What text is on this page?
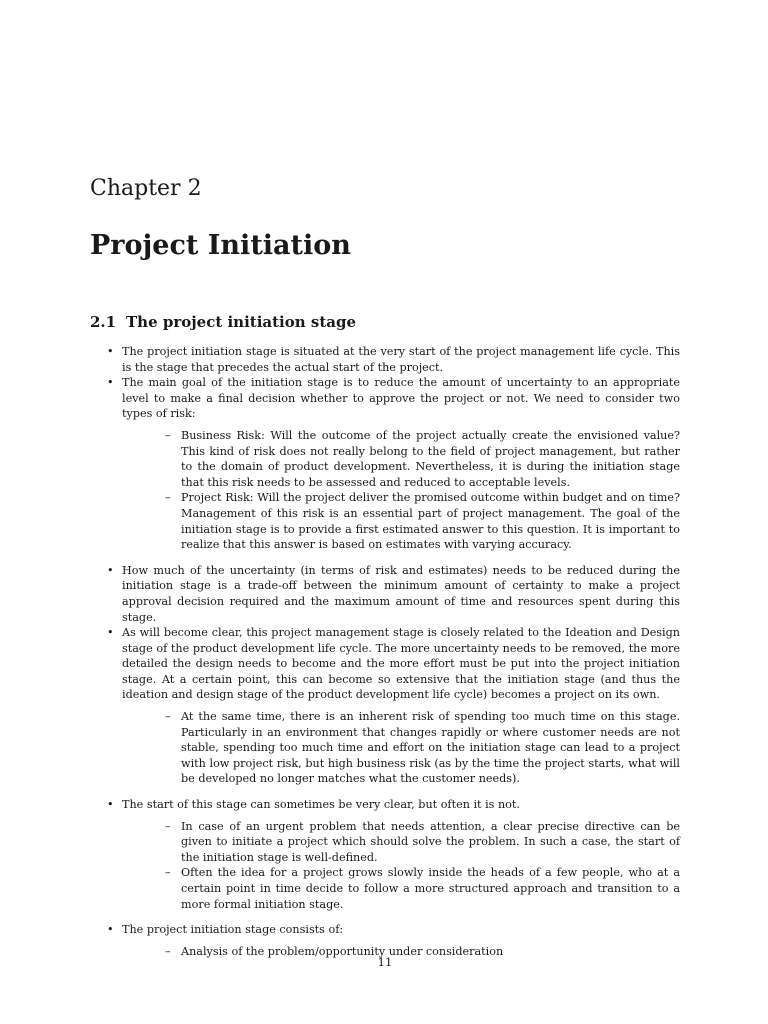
Chapter 2
Project Initiation
2.1 The project initiation stage
• The project initiation stage is situated at the very start of the project management life cycle. This is the stage that precedes the actual start of the project.
• The main goal of the initiation stage is to reduce the amount of uncertainty to an appropriate level to make a final decision whether to approve the project or not. We need to consider two types of risk:
– Business Risk: Will the outcome of the project actually create the envisioned value? This kind of risk does not really belong to the field of project management, but rather to the domain of product development. Nevertheless, it is during the initiation stage that this risk needs to be assessed and reduced to acceptable levels.
– Project Risk: Will the project deliver the promised outcome within budget and on time? Management of this risk is an essential part of project management. The goal of the initiation stage is to provide a first estimated answer to this question. It is important to realize that this answer is based on estimates with varying accuracy.
• How much of the uncertainty (in terms of risk and estimates) needs to be reduced during the initiation stage is a trade-off between the minimum amount of certainty to make a project approval decision required and the maximum amount of time and resources spent during this stage.
• As will become clear, this project management stage is closely related to the Ideation and Design stage of the product development life cycle. The more uncertainty needs to be removed, the more detailed the design needs to become and the more effort must be put into the project initiation stage. At a certain point, this can become so extensive that the initiation stage (and thus the ideation and design stage of the product development life cycle) becomes a project on its own.
– At the same time, there is an inherent risk of spending too much time on this stage. Particularly in an environment that changes rapidly or where customer needs are not stable, spending too much time and effort on the initiation stage can lead to a project with low project risk, but high business risk (as by the time the project starts, what will be developed no longer matches what the customer needs).
• The start of this stage can sometimes be very clear, but often it is not.
– In case of an urgent problem that needs attention, a clear precise directive can be given to initiate a project which should solve the problem. In such a case, the start of the initiation stage is well-defined.
– Often the idea for a project grows slowly inside the heads of a few people, who at a certain point in time decide to follow a more structured approach and transition to a more formal initiation stage.
• The project initiation stage consists of:
– Analysis of the problem/opportunity under consideration
11
